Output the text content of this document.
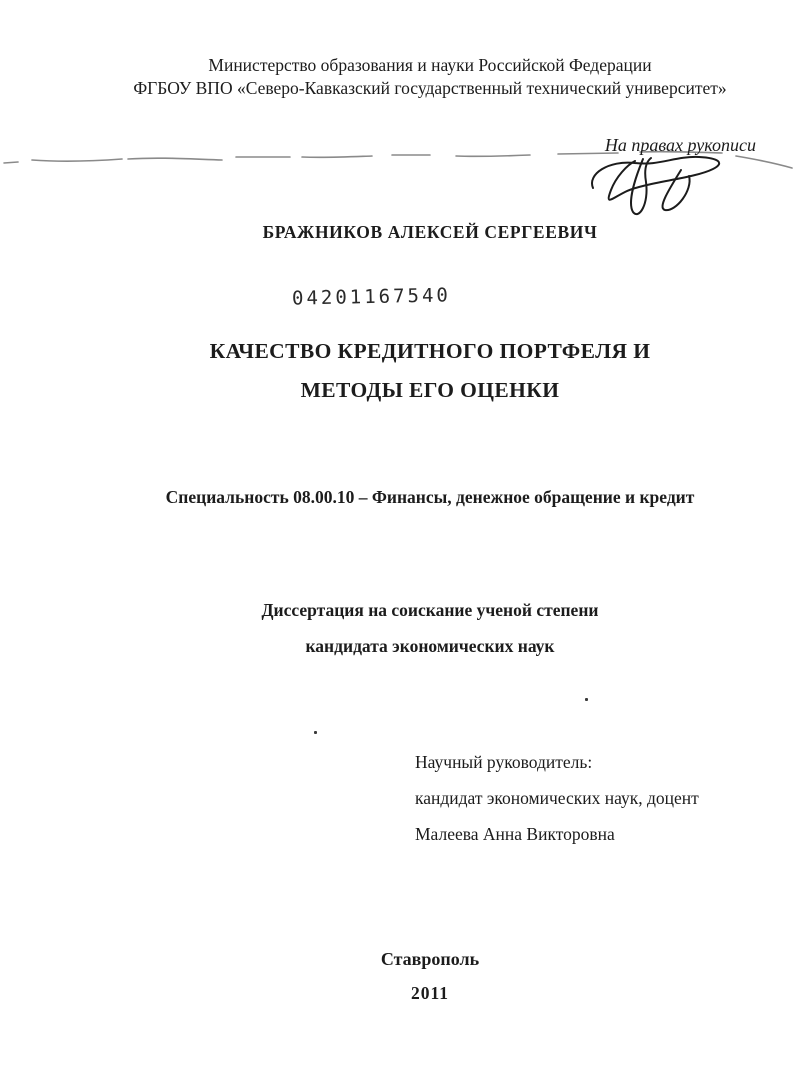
Министерство образования и науки Российской Федерации
ФГБОУ ВПО «Северо-Кавказский государственный технический университет»
На правах рукописи
БРАЖНИКОВ АЛЕКСЕЙ СЕРГЕЕВИЧ
04201167540
КАЧЕСТВО КРЕДИТНОГО ПОРТФЕЛЯ И
МЕТОДЫ ЕГО ОЦЕНКИ
Специальность 08.00.10 – Финансы, денежное обращение и кредит
Диссертация на соискание ученой степени
кандидата экономических наук
Научный руководитель:
кандидат экономических наук, доцент
Малеева Анна Викторовна
Ставрополь
2011
